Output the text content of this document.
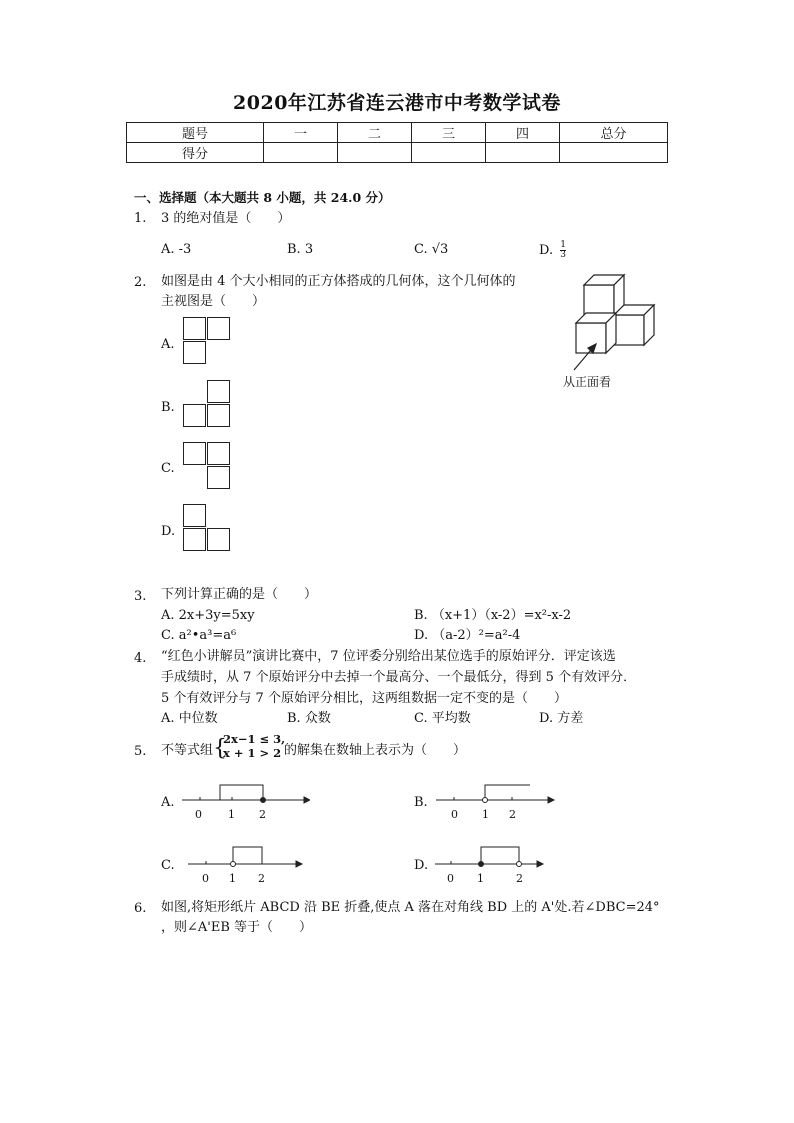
2020年江苏省连云港市中考数学试卷
题号	一	二	三	四	总分
得分					
一、选择题（本大题共 8 小题，共 24.0 分）
1. 3 的绝对值是（　　）
A. -3	B. 3	C. √3	D. $\frac{1}{3}$
2. 如图是由 4 个大小相同的正方体搭成的几何体，这个几何体的
主视图是（　　）
从正面看
A.
B.
C.
D.
3. 下列计算正确的是（　　）
A. 2x+3y=5xy	B. （x+1）（x-2）=x²-x-2
C. a²•a³=a⁶	D. （a-2）²=a²-4
4. “红色小讲解员”演讲比赛中，7 位评委分别给出某位选手的原始评分．评定该选
手成绩时，从 7 个原始评分中去掉一个最高分、一个最低分，得到 5 个有效评分．
5 个有效评分与 7 个原始评分相比，这两组数据一定不变的是（　　）
A. 中位数	B. 众数	C. 平均数	D. 方差
5. 不等式组 {
2x−1 ≤ 3,
x + 1 > 2 的解集在数轴上表示为（　　）
A.
0 1 2
B.
0 1 2
C.
0 1 2
D.
0 1	2
6. 如图,将矩形纸片 ABCD 沿 BE 折叠,使点 A 落在对角线 BD 上的 A'处.若∠DBC=24°
，则∠A'EB 等于（　　）
